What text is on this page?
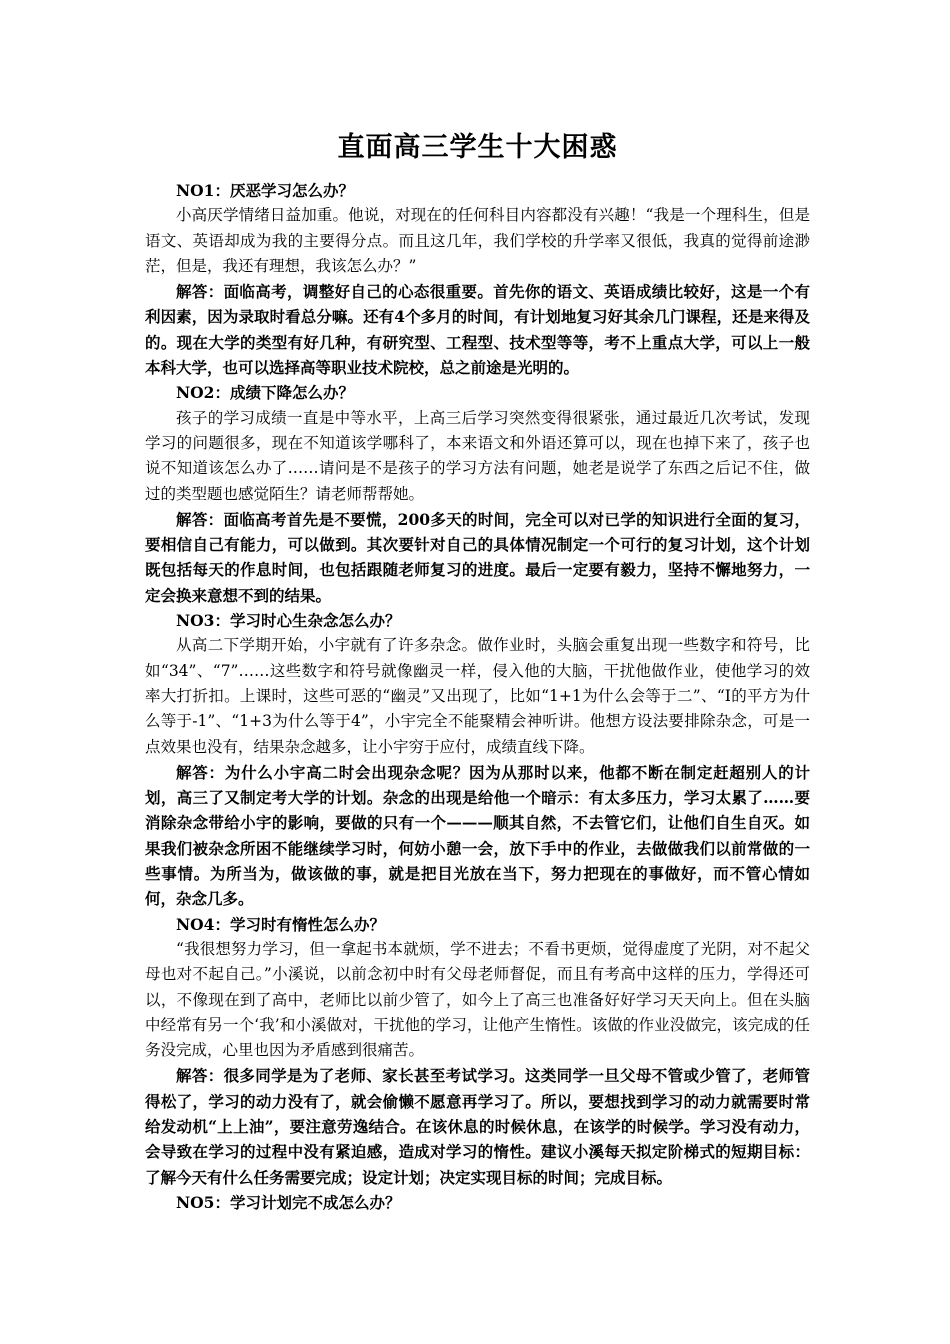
直面高三学生十大困惑

NO1：厌恶学习怎么办？

小高厌学情绪日益加重。他说，对现在的任何科目内容都没有兴趣！“我是一个理科生，但是语文、英语却成为我的主要得分点。而且这几年，我们学校的升学率又很低，我真的觉得前途渺茫，但是，我还有理想，我该怎么办？”

解答：面临高考，调整好自己的心态很重要。首先你的语文、英语成绩比较好，这是一个有利因素，因为录取时看总分嘛。还有4个多月的时间，有计划地复习好其余几门课程，还是来得及的。现在大学的类型有好几种，有研究型、工程型、技术型等等，考不上重点大学，可以上一般本科大学，也可以选择高等职业技术院校，总之前途是光明的。

NO2：成绩下降怎么办？

孩子的学习成绩一直是中等水平，上高三后学习突然变得很紧张，通过最近几次考试，发现学习的问题很多，现在不知道该学哪科了，本来语文和外语还算可以，现在也掉下来了，孩子也说不知道该怎么办了……请问是不是孩子的学习方法有问题，她老是说学了东西之后记不住，做过的类型题也感觉陌生？请老师帮帮她。

解答：面临高考首先是不要慌，200多天的时间，完全可以对已学的知识进行全面的复习，要相信自己有能力，可以做到。其次要针对自己的具体情况制定一个可行的复习计划，这个计划既包括每天的作息时间，也包括跟随老师复习的进度。最后一定要有毅力，坚持不懈地努力，一定会换来意想不到的结果。

NO3：学习时心生杂念怎么办？

从高二下学期开始，小宇就有了许多杂念。做作业时，头脑会重复出现一些数字和符号，比如“34”、“7”……这些数字和符号就像幽灵一样，侵入他的大脑，干扰他做作业，使他学习的效率大打折扣。上课时，这些可恶的“幽灵”又出现了，比如“1+1为什么会等于二”、“I的平方为什么等于-1”、“1+3为什么等于4”，小宇完全不能聚精会神听讲。他想方设法要排除杂念，可是一点效果也没有，结果杂念越多，让小宇穷于应付，成绩直线下降。

解答：为什么小宇高二时会出现杂念呢？因为从那时以来，他都不断在制定赶超别人的计划，高三了又制定考大学的计划。杂念的出现是给他一个暗示：有太多压力，学习太累了……要消除杂念带给小宇的影响，要做的只有一个———顺其自然，不去管它们，让他们自生自灭。如果我们被杂念所困不能继续学习时，何妨小憩一会，放下手中的作业，去做做我们以前常做的一些事情。为所当为，做该做的事，就是把目光放在当下，努力把现在的事做好，而不管心情如何，杂念几多。

NO4：学习时有惰性怎么办？

“我很想努力学习，但一拿起书本就烦，学不进去；不看书更烦，觉得虚度了光阴，对不起父母也对不起自己。”小溪说，以前念初中时有父母老师督促，而且有考高中这样的压力，学得还可以，不像现在到了高中，老师比以前少管了，如今上了高三也准备好好学习天天向上。但在头脑中经常有另一个‘我’和小溪做对，干扰他的学习，让他产生惰性。该做的作业没做完，该完成的任务没完成，心里也因为矛盾感到很痛苦。

解答：很多同学是为了老师、家长甚至考试学习。这类同学一旦父母不管或少管了，老师管得松了，学习的动力没有了，就会偷懒不愿意再学习了。所以，要想找到学习的动力就需要时常给发动机“上上油”，要注意劳逸结合。在该休息的时候休息，在该学的时候学。学习没有动力，会导致在学习的过程中没有紧迫感，造成对学习的惰性。建议小溪每天拟定阶梯式的短期目标：了解今天有什么任务需要完成；设定计划；决定实现目标的时间；完成目标。

NO5：学习计划完不成怎么办？
